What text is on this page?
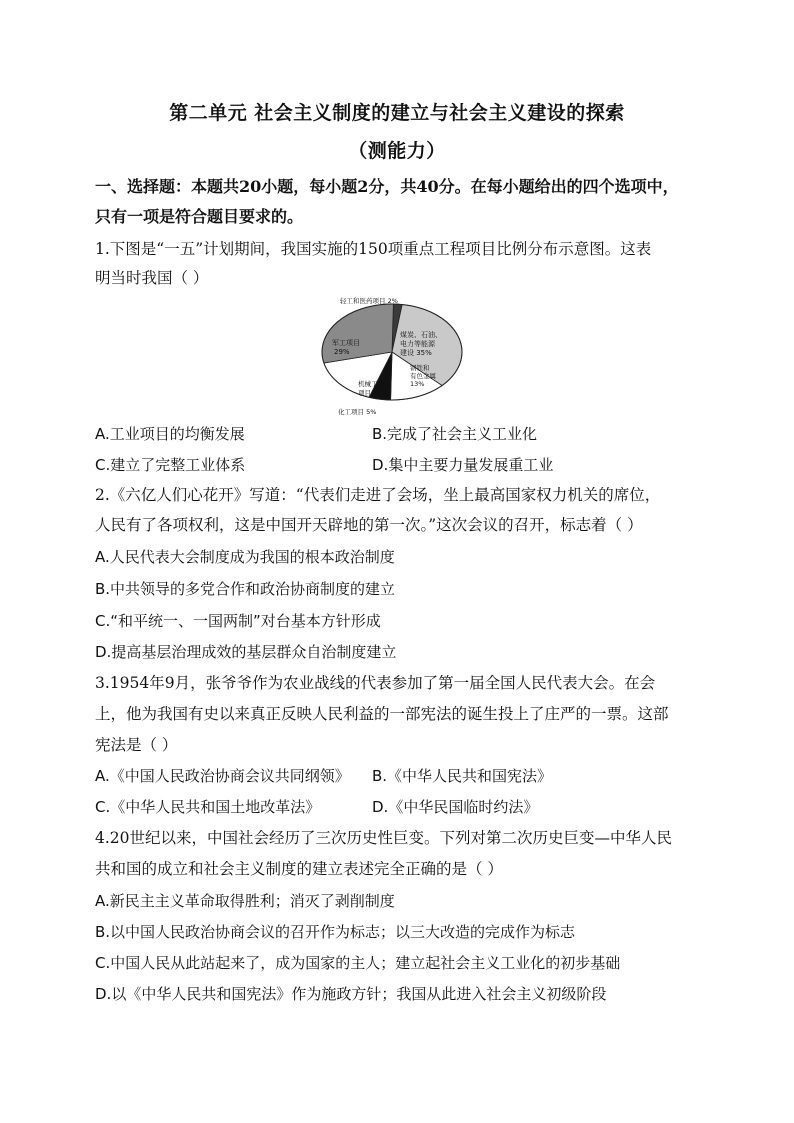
第二单元 社会主义制度的建立与社会主义建设的探索
（测能力）
一、选择题：本题共20小题，每小题2分，共40分。在每小题给出的四个选项中，
只有一项是符合题目要求的。
1.下图是“一五”计划期间，我国实施的150项重点工程项目比例分布示意图。这表
明当时我国（ ）
轻工和医药项目 2%
煤炭、石油、
电力等能源
建设 35%
钢铁和
有色金属
13%
机械工业
项目 16%
军工项目
29%
化工项目 5%
A.工业项目的均衡发展	B.完成了社会主义工业化
C.建立了完整工业体系	D.集中主要力量发展重工业
2.《六亿人们心花开》写道：“代表们走进了会场，坐上最高国家权力机关的席位，
人民有了各项权利，这是中国开天辟地的第一次。”这次会议的召开，标志着（ ）
A.人民代表大会制度成为我国的根本政治制度
B.中共领导的多党合作和政治协商制度的建立
C.“和平统一、一国两制”对台基本方针形成
D.提高基层治理成效的基层群众自治制度建立
3.1954年9月，张爷爷作为农业战线的代表参加了第一届全国人民代表大会。在会
上，他为我国有史以来真正反映人民利益的一部宪法的诞生投上了庄严的一票。这部
宪法是（ ）
A.《中国人民政治协商会议共同纲领》 B.《中华人民共和国宪法》
C.《中华人民共和国土地改革法》	D.《中华民国临时约法》
4.20世纪以来，中国社会经历了三次历史性巨变。下列对第二次历史巨变—中华人民
共和国的成立和社会主义制度的建立表述完全正确的是（ ）
A.新民主主义革命取得胜利；消灭了剥削制度
B.以中国人民政治协商会议的召开作为标志；以三大改造的完成作为标志
C.中国人民从此站起来了，成为国家的主人；建立起社会主义工业化的初步基础
D.以《中华人民共和国宪法》作为施政方针；我国从此进入社会主义初级阶段
